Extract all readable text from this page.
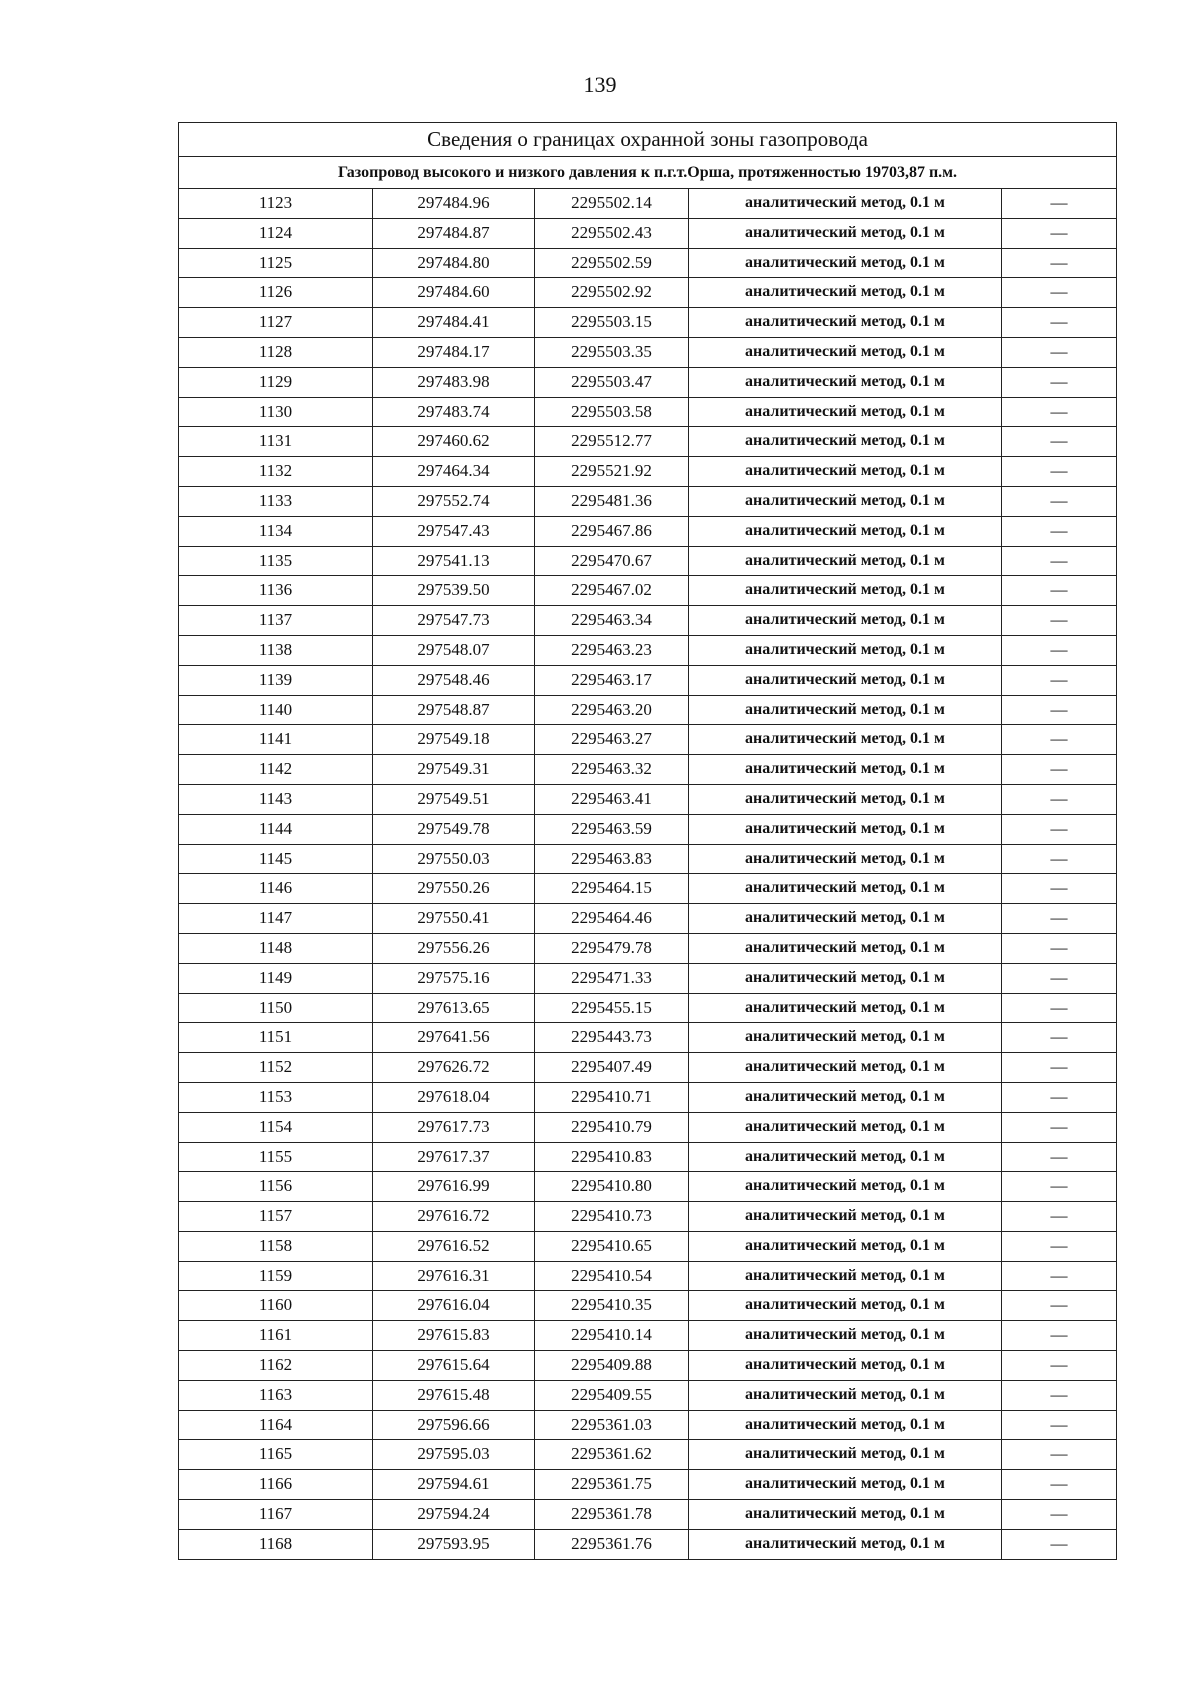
139
Сведения о границах охранной зоны газопровода				
Газопровод высокого и низкого давления к п.г.т.Орша, протяженностью 19703,87 п.м.				
1123	297484.96	2295502.14	аналитический метод, 0.1 м	—
1124	297484.87	2295502.43	аналитический метод, 0.1 м	—
1125	297484.80	2295502.59	аналитический метод, 0.1 м	—
1126	297484.60	2295502.92	аналитический метод, 0.1 м	—
1127	297484.41	2295503.15	аналитический метод, 0.1 м	—
1128	297484.17	2295503.35	аналитический метод, 0.1 м	—
1129	297483.98	2295503.47	аналитический метод, 0.1 м	—
1130	297483.74	2295503.58	аналитический метод, 0.1 м	—
1131	297460.62	2295512.77	аналитический метод, 0.1 м	—
1132	297464.34	2295521.92	аналитический метод, 0.1 м	—
1133	297552.74	2295481.36	аналитический метод, 0.1 м	—
1134	297547.43	2295467.86	аналитический метод, 0.1 м	—
1135	297541.13	2295470.67	аналитический метод, 0.1 м	—
1136	297539.50	2295467.02	аналитический метод, 0.1 м	—
1137	297547.73	2295463.34	аналитический метод, 0.1 м	—
1138	297548.07	2295463.23	аналитический метод, 0.1 м	—
1139	297548.46	2295463.17	аналитический метод, 0.1 м	—
1140	297548.87	2295463.20	аналитический метод, 0.1 м	—
1141	297549.18	2295463.27	аналитический метод, 0.1 м	—
1142	297549.31	2295463.32	аналитический метод, 0.1 м	—
1143	297549.51	2295463.41	аналитический метод, 0.1 м	—
1144	297549.78	2295463.59	аналитический метод, 0.1 м	—
1145	297550.03	2295463.83	аналитический метод, 0.1 м	—
1146	297550.26	2295464.15	аналитический метод, 0.1 м	—
1147	297550.41	2295464.46	аналитический метод, 0.1 м	—
1148	297556.26	2295479.78	аналитический метод, 0.1 м	—
1149	297575.16	2295471.33	аналитический метод, 0.1 м	—
1150	297613.65	2295455.15	аналитический метод, 0.1 м	—
1151	297641.56	2295443.73	аналитический метод, 0.1 м	—
1152	297626.72	2295407.49	аналитический метод, 0.1 м	—
1153	297618.04	2295410.71	аналитический метод, 0.1 м	—
1154	297617.73	2295410.79	аналитический метод, 0.1 м	—
1155	297617.37	2295410.83	аналитический метод, 0.1 м	—
1156	297616.99	2295410.80	аналитический метод, 0.1 м	—
1157	297616.72	2295410.73	аналитический метод, 0.1 м	—
1158	297616.52	2295410.65	аналитический метод, 0.1 м	—
1159	297616.31	2295410.54	аналитический метод, 0.1 м	—
1160	297616.04	2295410.35	аналитический метод, 0.1 м	—
1161	297615.83	2295410.14	аналитический метод, 0.1 м	—
1162	297615.64	2295409.88	аналитический метод, 0.1 м	—
1163	297615.48	2295409.55	аналитический метод, 0.1 м	—
1164	297596.66	2295361.03	аналитический метод, 0.1 м	—
1165	297595.03	2295361.62	аналитический метод, 0.1 м	—
1166	297594.61	2295361.75	аналитический метод, 0.1 м	—
1167	297594.24	2295361.78	аналитический метод, 0.1 м	—
1168	297593.95	2295361.76	аналитический метод, 0.1 м	—
